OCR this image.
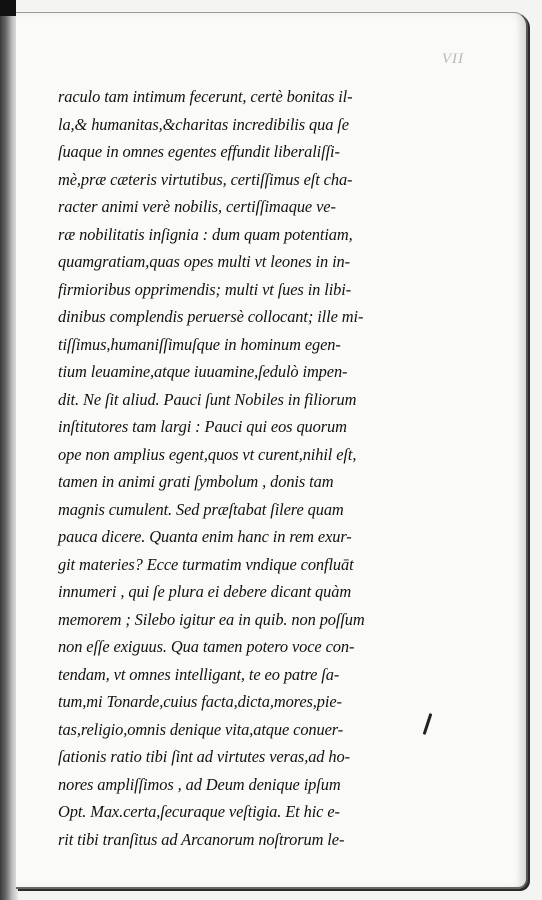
VII
raculo tam intimum fecerunt, certè bonitas il-
la,& humanitas,&charitas incredibilis qua ſe
ſuaque in omnes egentes effundit liberaliſſi-
mè,præ cæteris virtutibus, certiſſimus eſt cha-
racter animi verè nobilis, certiſſimaque ve-
ræ nobilitatis inſignia : dum quam potentiam,
quamgratiam,quas opes multi vt leones in in-
firmioribus opprimendis; multi vt ſues in libi-
dinibus complendis peruersè collocant; ille mi-
tiſſimus,humaniſſimuſque in hominum egen-
tium leuamine,atque iuuamine,ſedulò impen-
dit. Ne ſit aliud. Pauci ſunt Nobiles in filiorum
inſtitutores tam largi : Pauci qui eos quorum
ope non amplius egent,quos vt curent,nihil eſt,
tamen in animi grati ſymbolum , donis tam
magnis cumulent. Sed præſtabat ſilere quam
pauca dicere. Quanta enim hanc in rem exur-
git materies? Ecce turmatim vndique confluāt
innumeri , qui ſe plura ei debere dicant quàm
memorem ; Silebo igitur ea in quib. non poſſum
non eſſe exiguus. Qua tamen potero voce con-
tendam, vt omnes intelligant, te eo patre ſa-
tum,mi Tonarde,cuius facta,dicta,mores,pie-
tas,religio,omnis denique vita,atque conuer-
ſationis ratio tibi ſint ad virtutes veras,ad ho-
nores ampliſſimos , ad Deum denique ipſum
Opt. Max.certa,ſecuraque veſtigia. Et hic e-
rit tibi tranſitus ad Arcanorum noſtrorum le-
